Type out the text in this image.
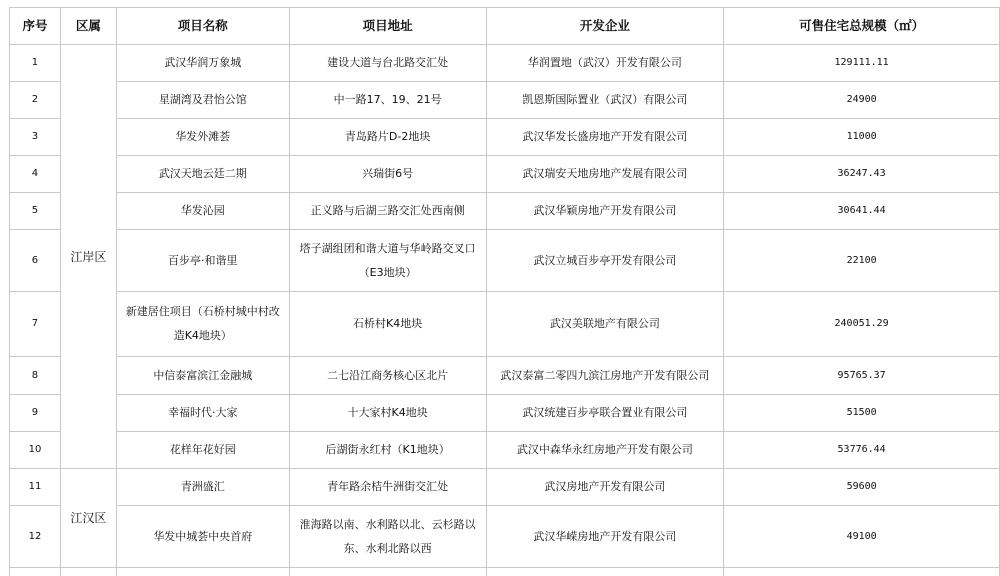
序号	区属	项目名称	项目地址	开发企业	可售住宅总规模（㎡）
1	江岸区	武汉华润万象城	建设大道与台北路交汇处	华润置地（武汉）开发有限公司	129111.11
2		星湖湾及君怡公馆	中一路17、19、21号	凯恩斯国际置业（武汉）有限公司	24900
3		华发外滩荟	青岛路片D-2地块	武汉华发长盛房地产开发有限公司	11000
4		武汉天地云廷二期	兴瑞街6号	武汉瑞安天地房地产发展有限公司	36247.43
5		华发沁园	正义路与后湖三路交汇处西南侧	武汉华颖房地产开发有限公司	30641.44
6		百步亭·和谐里	塔子湖组团和谐大道与华岭路交叉口（E3地块）	武汉立城百步亭开发有限公司	22100
7		新建居住项目（石桥村城中村改造K4地块）	石桥村K4地块	武汉美联地产有限公司	240051.29
8		中信泰富滨江金融城	二七沿江商务核心区北片	武汉泰富二零四九滨江房地产开发有限公司	95765.37
9		幸福时代·大家	十大家村K4地块	武汉统建百步亭联合置业有限公司	51500
10		花样年花好园	后湖街永红村（K1地块）	武汉中森华永红房地产开发有限公司	53776.44
11	江汉区	青洲盛汇	青年路余桔牛洲街交汇处	武汉房地产开发有限公司	59600
12		华发中城荟中央首府	淮海路以南、水利路以北、云杉路以东、水利北路以西	武汉华嵘房地产开发有限公司	49100
